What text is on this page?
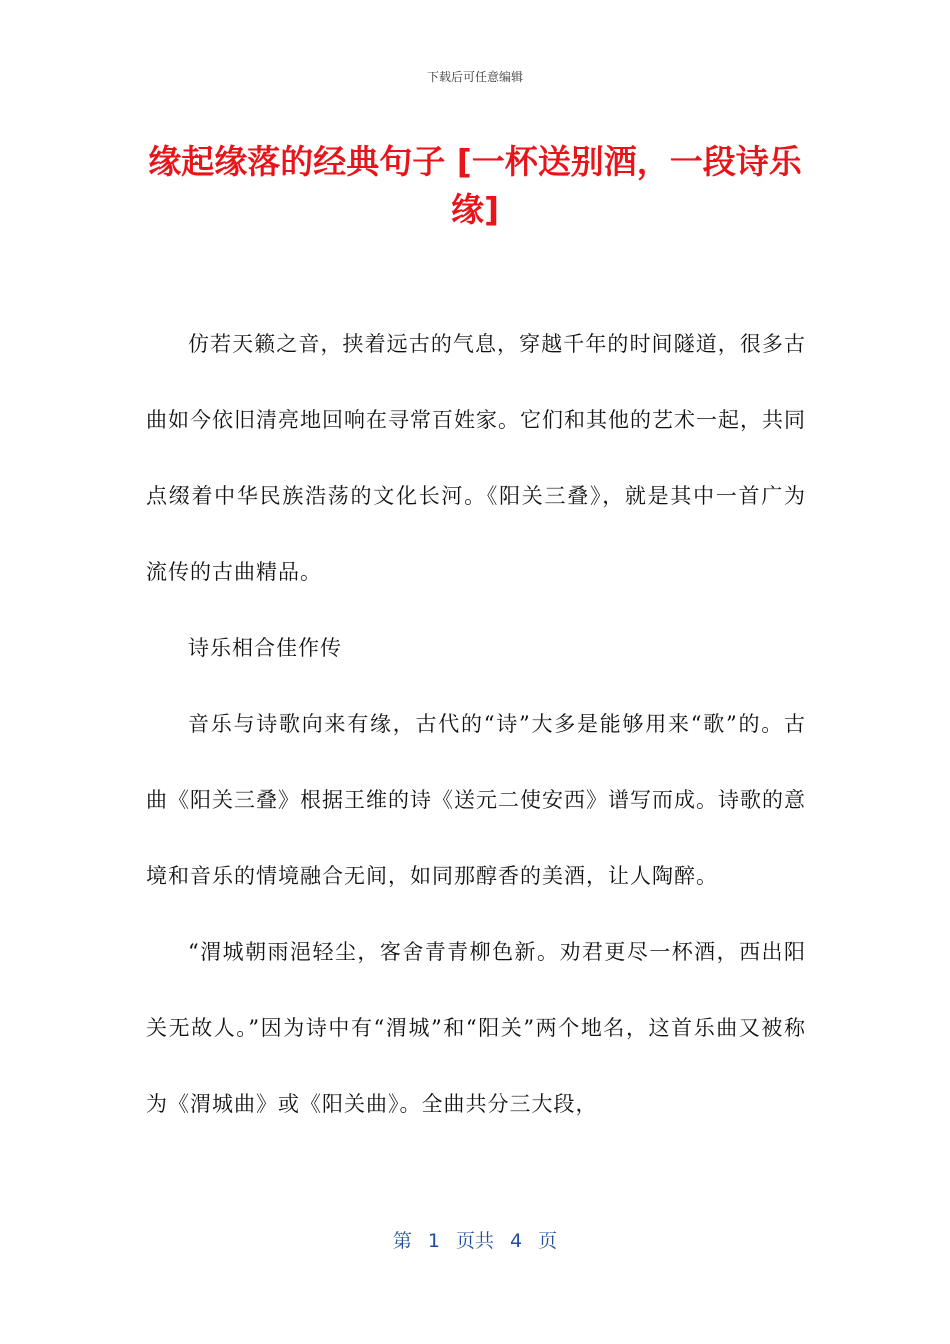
下载后可任意编辑
缘起缘落的经典句子 [一杯送别酒，一段诗乐缘]

仿若天籁之音，挟着远古的气息，穿越千年的时间隧道，很多古曲如今依旧清亮地回响在寻常百姓家。它们和其他的艺术一起，共同点缀着中华民族浩荡的文化长河。《阳关三叠》，就是其中一首广为流传的古曲精品。

诗乐相合佳作传

音乐与诗歌向来有缘，古代的“诗”大多是能够用来“歌”的。古曲《阳关三叠》根据王维的诗《送元二使安西》谱写而成。诗歌的意境和音乐的情境融合无间，如同那醇香的美酒，让人陶醉。

“渭城朝雨浥轻尘，客舍青青柳色新。劝君更尽一杯酒，西出阳关无故人。”因为诗中有“渭城”和“阳关”两个地名，这首乐曲又被称为《渭城曲》或《阳关曲》。全曲共分三大段，

第 1 页共 4 页
